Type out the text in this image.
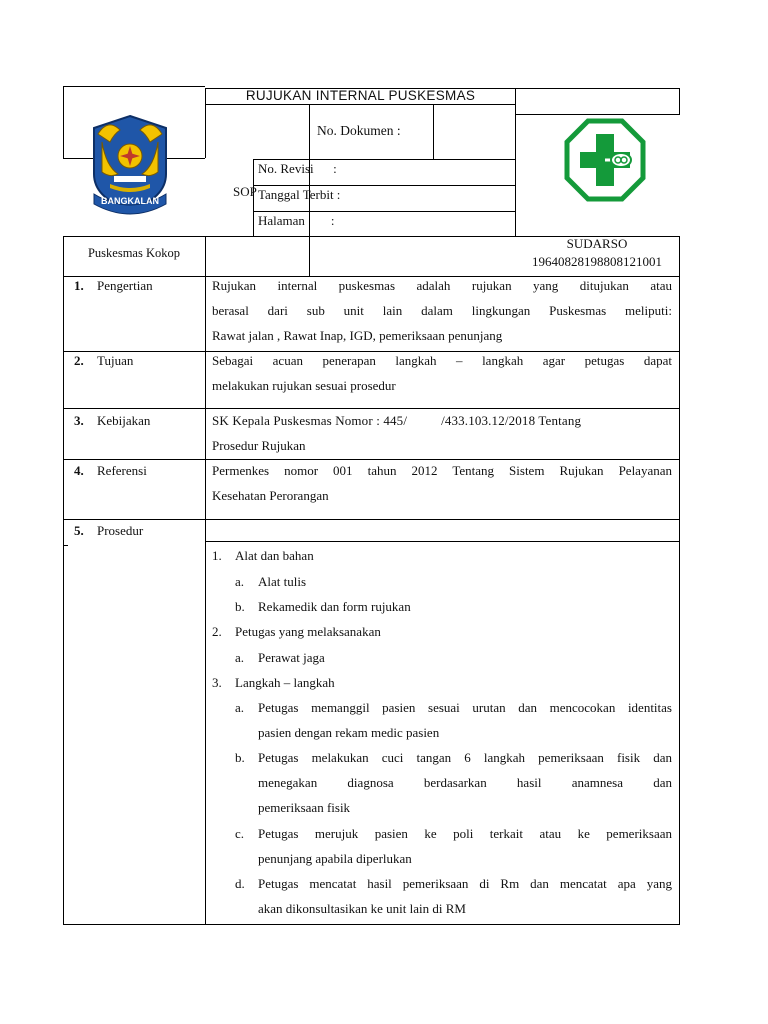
RUJUKAN INTERNAL PUSKESMAS
No. Dokumen :
SOP
No. Revisi      :
Tanggal Terbit :
Halaman        :
Puskesmas Kokop
SUDARSO
19640828198808121001
BANGKALAN
1. Pengertian
2. Tujuan
3. Kebijakan
4. Referensi
5. Prosedur
Rujukan internal puskesmas adalah rujukan yang ditujukan atau
berasal dari sub unit lain dalam lingkungan Puskesmas meliputi:
Rawat jalan , Rawat Inap, IGD, pemeriksaan penunjang
Sebagai acuan penerapan langkah – langkah agar petugas dapat
melakukan rujukan sesuai prosedur
SK Kepala Puskesmas Nomor : 445/          /433.103.12/2018 Tentang
Prosedur Rujukan
Permenkes nomor 001 tahun 2012 Tentang Sistem Rujukan Pelayanan
Kesehatan Perorangan
1. Alat dan bahan
a. Alat tulis
b. Rekamedik dan form rujukan
2. Petugas yang melaksanakan
a. Perawat jaga
3. Langkah – langkah
a. Petugas memanggil pasien sesuai urutan dan mencocokan identitas
pasien dengan rekam medic pasien
b. Petugas melakukan cuci tangan 6 langkah pemeriksaan fisik dan
menegakan diagnosa berdasarkan hasil anamnesa dan
pemeriksaan fisik
c. Petugas merujuk pasien ke poli terkait atau ke pemeriksaan
penunjang apabila diperlukan
d. Petugas mencatat hasil pemeriksaan di Rm dan mencatat apa yang
akan dikonsultasikan ke unit lain di RM
